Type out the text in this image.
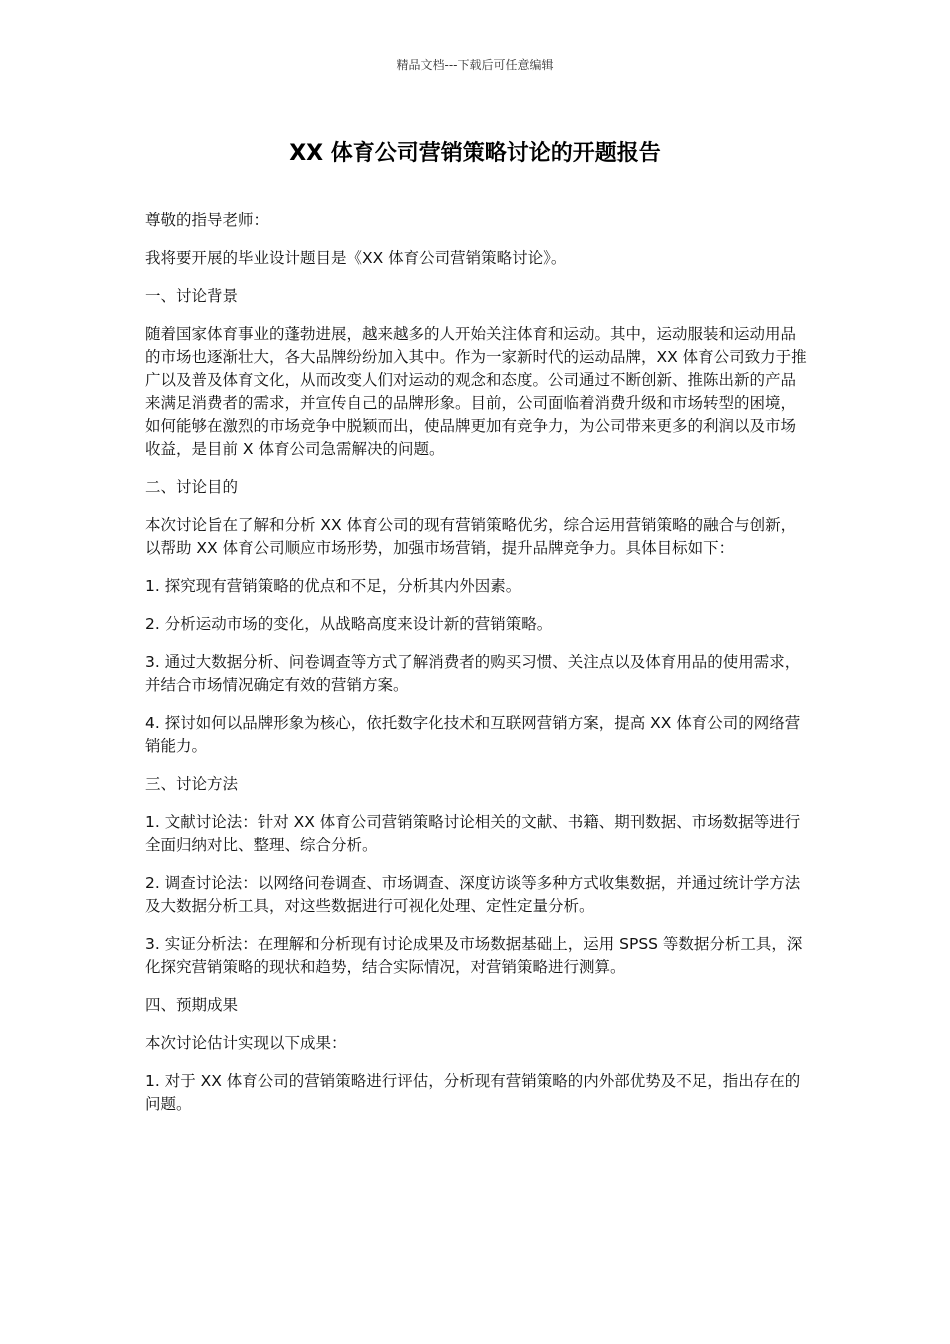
精品文档---下载后可任意编辑
XX 体育公司营销策略讨论的开题报告

尊敬的指导老师：

我将要开展的毕业设计题目是《XX 体育公司营销策略讨论》。

一、讨论背景

随着国家体育事业的蓬勃进展，越来越多的人开始关注体育和运动。其中，运动服装和运动用品的市场也逐渐壮大，各大品牌纷纷加入其中。作为一家新时代的运动品牌，XX 体育公司致力于推广以及普及体育文化，从而改变人们对运动的观念和态度。公司通过不断创新、推陈出新的产品来满足消费者的需求，并宣传自己的品牌形象。目前，公司面临着消费升级和市场转型的困境，如何能够在激烈的市场竞争中脱颖而出，使品牌更加有竞争力，为公司带来更多的利润以及市场收益，是目前 X 体育公司急需解决的问题。

二、讨论目的

本次讨论旨在了解和分析 XX 体育公司的现有营销策略优劣，综合运用营销策略的融合与创新，以帮助 XX 体育公司顺应市场形势，加强市场营销，提升品牌竞争力。具体目标如下：

1. 探究现有营销策略的优点和不足，分析其内外因素。

2. 分析运动市场的变化，从战略高度来设计新的营销策略。

3. 通过大数据分析、问卷调查等方式了解消费者的购买习惯、关注点以及体育用品的使用需求，并结合市场情况确定有效的营销方案。

4. 探讨如何以品牌形象为核心，依托数字化技术和互联网营销方案，提高 XX 体育公司的网络营销能力。

三、讨论方法

1. 文献讨论法：针对 XX 体育公司营销策略讨论相关的文献、书籍、期刊数据、市场数据等进行全面归纳对比、整理、综合分析。

2. 调查讨论法：以网络问卷调查、市场调查、深度访谈等多种方式收集数据，并通过统计学方法及大数据分析工具，对这些数据进行可视化处理、定性定量分析。

3. 实证分析法：在理解和分析现有讨论成果及市场数据基础上，运用 SPSS 等数据分析工具，深化探究营销策略的现状和趋势，结合实际情况，对营销策略进行测算。

四、预期成果

本次讨论估计实现以下成果：

1. 对于 XX 体育公司的营销策略进行评估，分析现有营销策略的内外部优势及不足，指出存在的问题。
